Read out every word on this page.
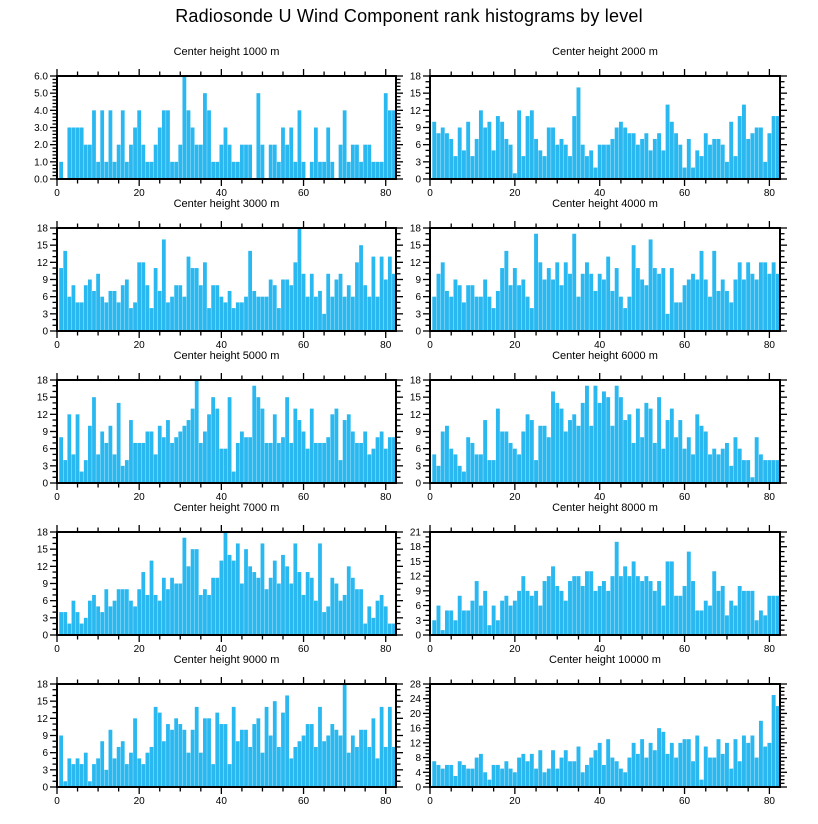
Radiosonde U Wind Component rank histograms by level
Center height 1000 m
0.0
1.0
2.0
3.0
4.0
5.0
6.0
0	20	40	60	80
Center height 2000 m
0
3
6
9
12
15
18
0	20	40	60	80
Center height 3000 m
0
3
6
9
12
15
18
0	20	40	60	80
Center height 4000 m
0
3
6
9
12
15
18
0	20	40	60	80
Center height 5000 m
0
3
6
9
12
15
18
0	20	40	60	80
Center height 6000 m
0
3
6
9
12
15
18
0	20	40	60	80
Center height 7000 m
0
3
6
9
12
15
18
0	20	40	60	80
Center height 8000 m
0
3
6
9
12
15
18
21
0	20	40	60	80
Center height 9000 m
0
3
6
9
12
15
18
0	20	40	60	80
Center height 10000 m
0
4
8
12
16
20
24
28
0	20	40	60	80
